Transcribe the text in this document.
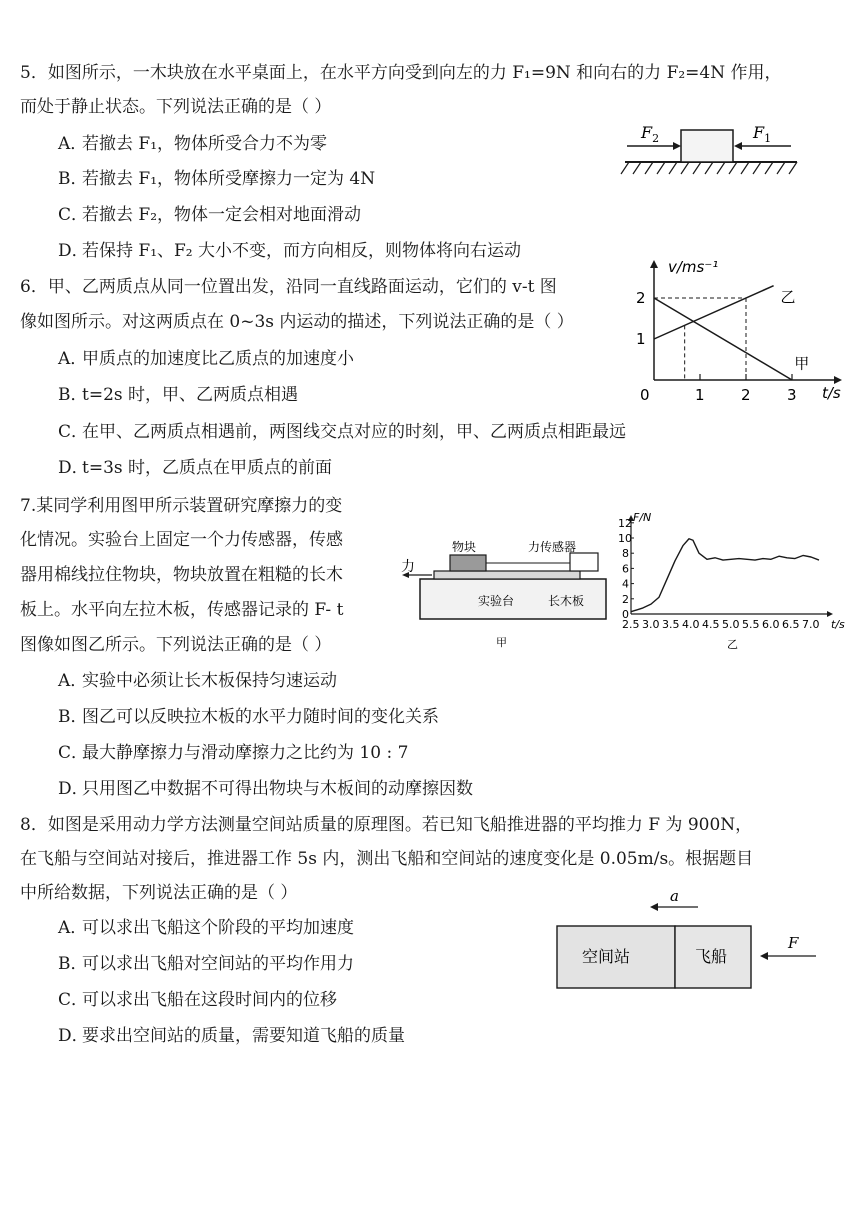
5．如图所示，一木块放在水平桌面上，在水平方向受到向左的力 F₁=9N 和向右的力 F₂=4N 作用，
而处于静止状态。下列说法正确的是（ ）
A．若撤去 F₁，物体所受合力不为零
B．若撤去 F₁，物体所受摩擦力一定为 4N
C．若撤去 F₂，物体一定会相对地面滑动
D．若保持 F₁、F₂ 大小不变，而方向相反，则物体将向右运动
$F_2$	$F_1$
6．甲、乙两质点从同一位置出发，沿同一直线路面运动，它们的 v-t 图
像如图所示。对这两质点在 0~3s 内运动的描述，下列说法正确的是（ ）
A．甲质点的加速度比乙质点的加速度小
B．t=2s 时，甲、乙两质点相遇
C．在甲、乙两质点相遇前，两图线交点对应的时刻，甲、乙两质点相距最远
D．t=3s 时，乙质点在甲质点的前面
v/ms⁻¹
t/s
0	1 2 3
1
2	乙
甲
7.某同学利用图甲所示装置研究摩擦力的变
化情况。实验台上固定一个力传感器，传感
器用棉线拉住物块，物块放置在粗糙的长木
板上。水平向左拉木板，传感器记录的 F- t
图像如图乙所示。下列说法正确的是（ ）
A．实验中必须让长木板保持匀速运动
B．图乙可以反映拉木板的水平力随时间的变化关系
C．最大静摩擦力与滑动摩擦力之比约为 10 : 7
D．只用图乙中数据不可得出物块与木板间的动摩擦因数
力
物块	力传感器
实验台	长木板
甲
F/N
t/s
乙
0
2
4
6
8
10
12
2.5 3.0 3.5 4.0 4.5 5.0 5.5 6.0 6.5 7.0
8．如图是采用动力学方法测量空间站质量的原理图。若已知飞船推进器的平均推力 F 为 900N，
在飞船与空间站对接后，推进器工作 5s 内，测出飞船和空间站的速度变化是 0.05m/s。根据题目
中所给数据，下列说法正确的是（ ）
A．可以求出飞船这个阶段的平均加速度
B．可以求出飞船对空间站的平均作用力
C．可以求出飞船在这段时间内的位移
D．要求出空间站的质量，需要知道飞船的质量
a
空间站	飞船
F
